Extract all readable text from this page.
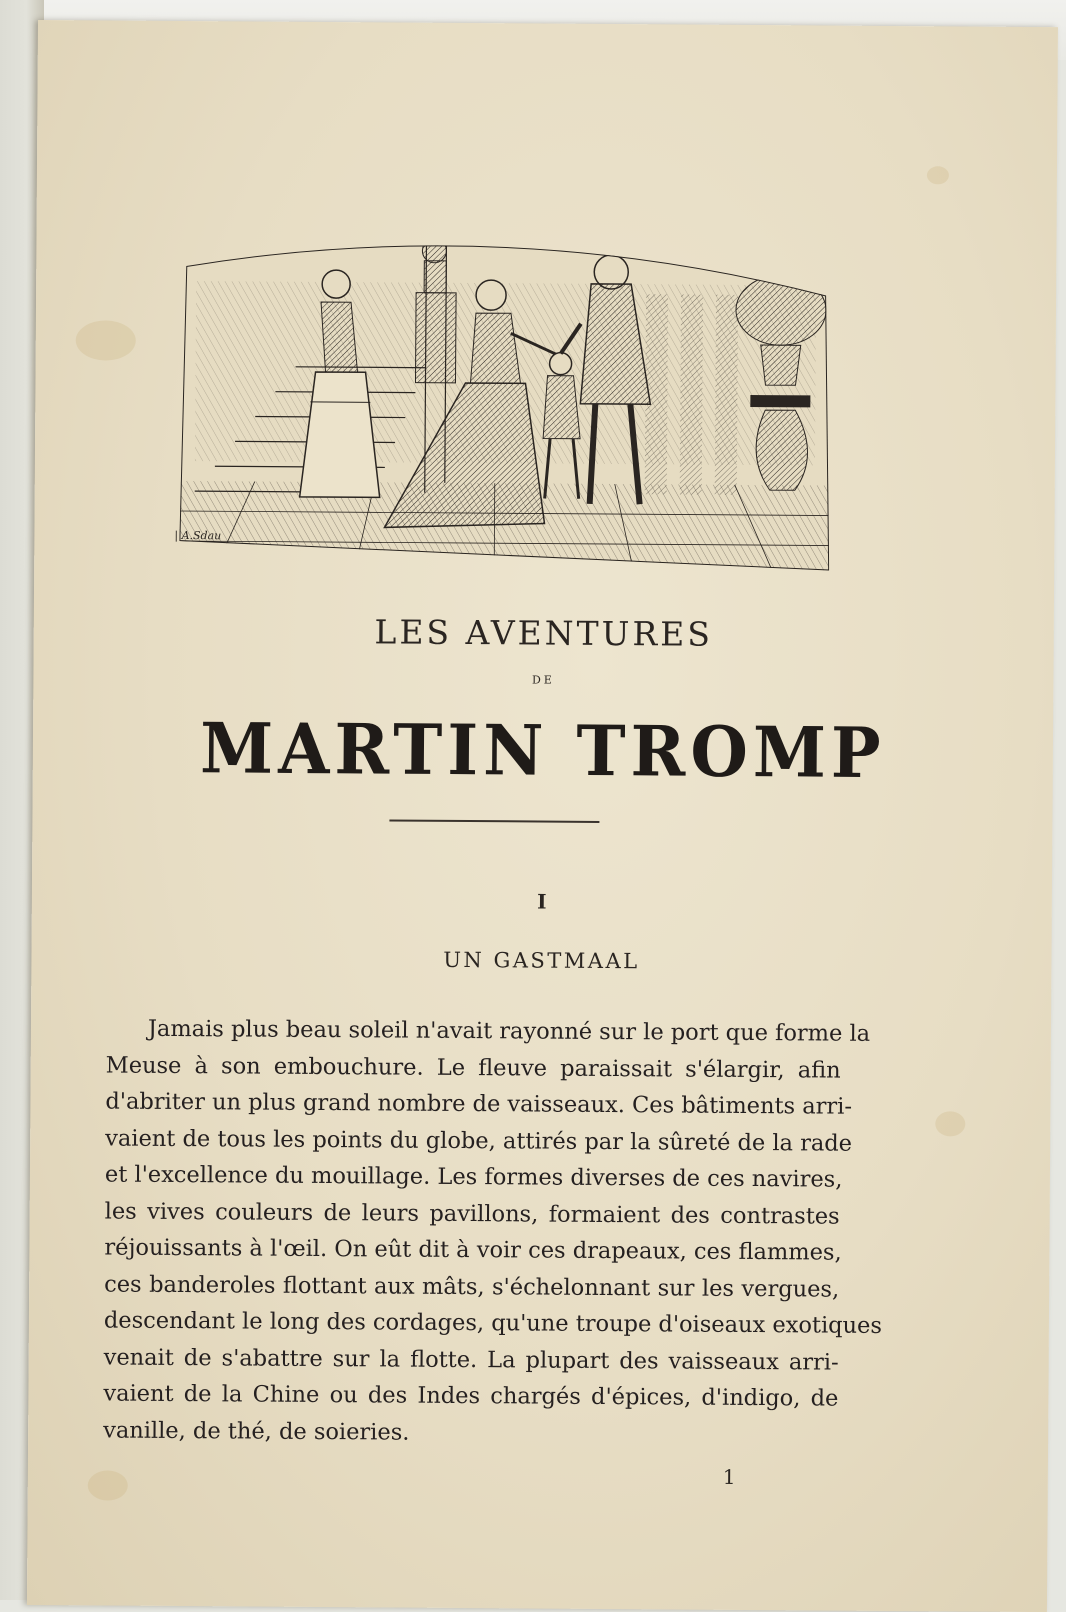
| A.Sdau
LES AVENTURES
DE
MARTIN TROMP
I
UN GASTMAAL
Jamais plus beau soleil n'avait rayonné sur le port que forme la
Meuse à son embouchure. Le fleuve paraissait s'élargir, afin
d'abriter un plus grand nombre de vaisseaux. Ces bâtiments arri-
vaient de tous les points du globe, attirés par la sûreté de la rade
et l'excellence du mouillage. Les formes diverses de ces navires,
les vives couleurs de leurs pavillons, formaient des contrastes
réjouissants à l'œil. On eût dit à voir ces drapeaux, ces flammes,
ces banderoles flottant aux mâts, s'échelonnant sur les vergues,
descendant le long des cordages, qu'une troupe d'oiseaux exotiques
venait de s'abattre sur la flotte. La plupart des vaisseaux arri-
vaient de la Chine ou des Indes chargés d'épices, d'indigo, de
vanille, de thé, de soieries.
1
